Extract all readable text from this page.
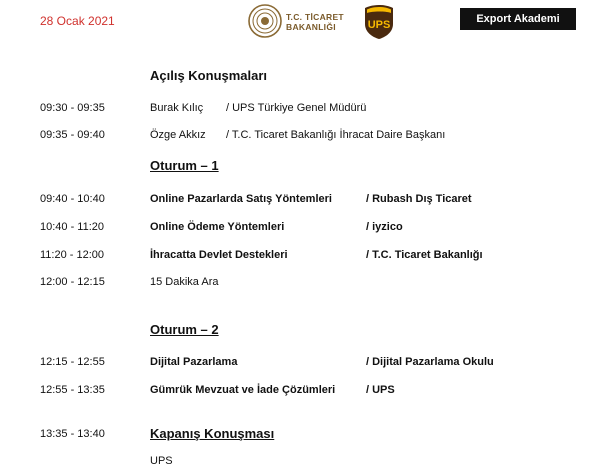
28 Ocak 2021	T.C. TİCARET BAKANLIĞI	UPS	Export Akademi
Açılış Konuşmaları
09:30 - 09:35	Burak Kılıç / UPS Türkiye Genel Müdürü
09:35 - 09:40	Özge Akkız / T.C. Ticaret Bakanlığı İhracat Daire Başkanı
Oturum – 1
09:40 - 10:40	Online Pazarlarda Satış Yöntemleri	/ Rubash Dış Ticaret
10:40 - 11:20	Online Ödeme Yöntemleri	/ iyzico
11:20 - 12:00	İhracatta Devlet Destekleri	/ T.C. Ticaret Bakanlığı
12:00 - 12:15	15 Dakika Ara
Oturum – 2
12:15 - 12:55	Dijital Pazarlama	/ Dijital Pazarlama Okulu
12:55 - 13:35	Gümrük Mevzuat ve İade Çözümleri	/ UPS
13:35 - 13:40	Kapanış Konuşması
UPS
